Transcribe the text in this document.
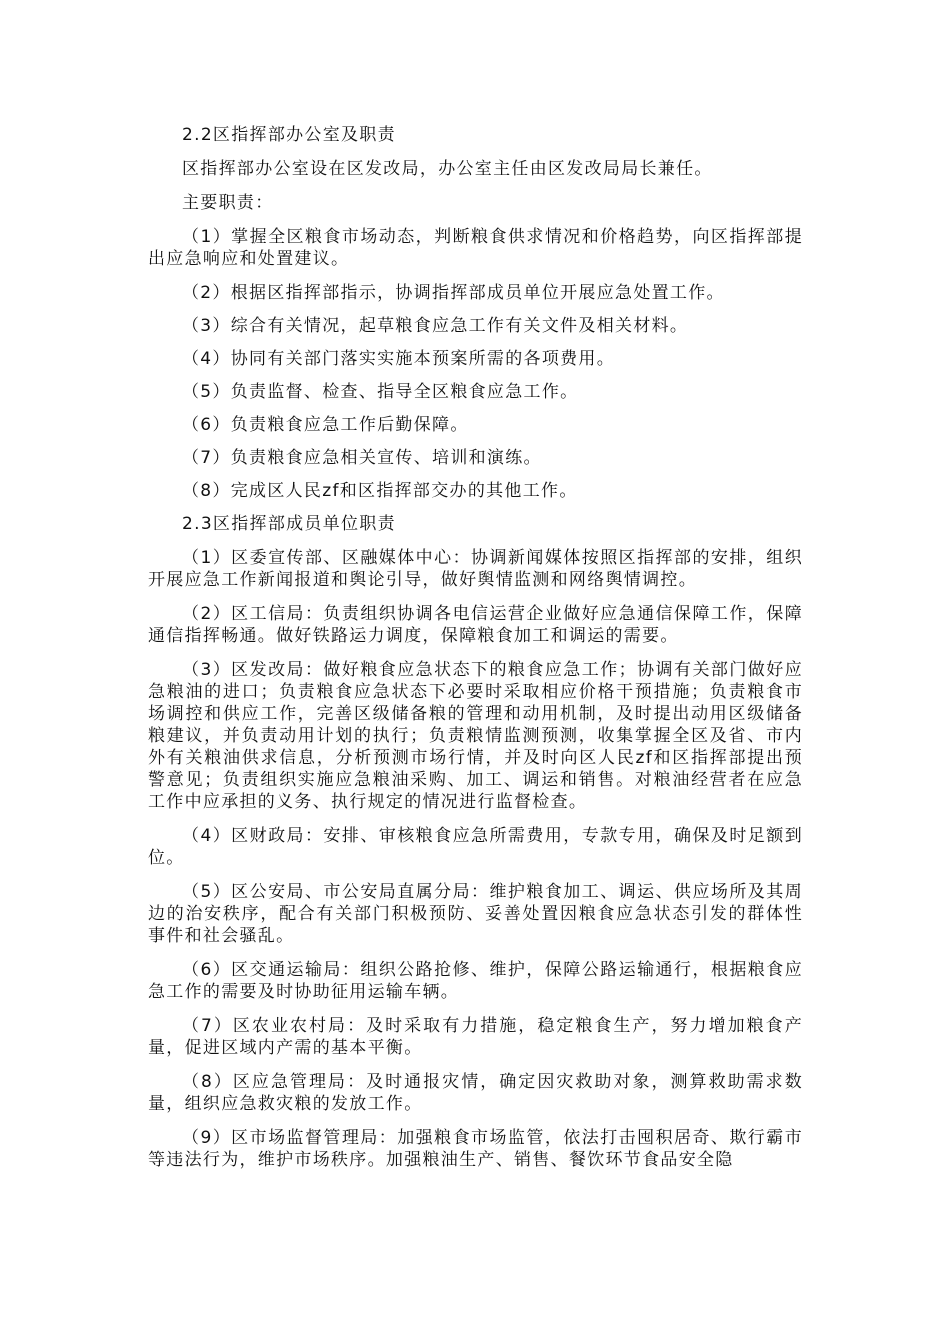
2.2区指挥部办公室及职责

区指挥部办公室设在区发改局，办公室主任由区发改局局长兼任。

主要职责：

（1）掌握全区粮食市场动态，判断粮食供求情况和价格趋势，向区指挥部提出应急响应和处置建议。

（2）根据区指挥部指示，协调指挥部成员单位开展应急处置工作。

（3）综合有关情况，起草粮食应急工作有关文件及相关材料。

（4）协同有关部门落实实施本预案所需的各项费用。

（5）负责监督、检查、指导全区粮食应急工作。

（6）负责粮食应急工作后勤保障。

（7）负责粮食应急相关宣传、培训和演练。

（8）完成区人民zf和区指挥部交办的其他工作。

2.3区指挥部成员单位职责

（1）区委宣传部、区融媒体中心：协调新闻媒体按照区指挥部的安排，组织开展应急工作新闻报道和舆论引导，做好舆情监测和网络舆情调控。

（2）区工信局：负责组织协调各电信运营企业做好应急通信保障工作，保障通信指挥畅通。做好铁路运力调度，保障粮食加工和调运的需要。

（3）区发改局：做好粮食应急状态下的粮食应急工作；协调有关部门做好应急粮油的进口；负责粮食应急状态下必要时采取相应价格干预措施；负责粮食市场调控和供应工作，完善区级储备粮的管理和动用机制，及时提出动用区级储备粮建议，并负责动用计划的执行；负责粮情监测预测，收集掌握全区及省、市内外有关粮油供求信息，分析预测市场行情，并及时向区人民zf和区指挥部提出预警意见；负责组织实施应急粮油采购、加工、调运和销售。对粮油经营者在应急工作中应承担的义务、执行规定的情况进行监督检查。

（4）区财政局：安排、审核粮食应急所需费用，专款专用，确保及时足额到位。

（5）区公安局、市公安局直属分局：维护粮食加工、调运、供应场所及其周边的治安秩序，配合有关部门积极预防、妥善处置因粮食应急状态引发的群体性事件和社会骚乱。

（6）区交通运输局：组织公路抢修、维护，保障公路运输通行，根据粮食应急工作的需要及时协助征用运输车辆。

（7）区农业农村局：及时采取有力措施，稳定粮食生产，努力增加粮食产量，促进区域内产需的基本平衡。

（8）区应急管理局：及时通报灾情，确定因灾救助对象，测算救助需求数量，组织应急救灾粮的发放工作。

（9）区市场监督管理局：加强粮食市场监管，依法打击囤积居奇、欺行霸市等违法行为，维护市场秩序。加强粮油生产、销售、餐饮环节食品安全隐
